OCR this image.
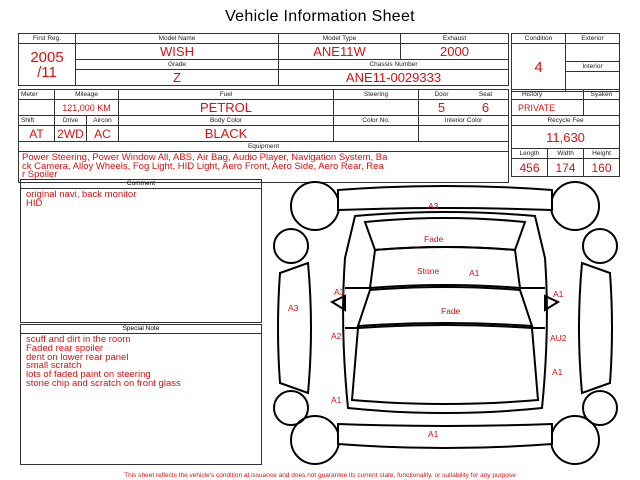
Vehicle Information Sheet
First Reg.	Model Name	Model Type	Exhaust

2005
/11	WISH	ANE11W	2000
	Grade	Chassis Number	
	Z	ANE11-0029333	
Condition	Exterior
4	
	Interior

Meter	Mileage		Fuel	Steering	Door Seat
	121,000 KM		PETROL		5 6
Shift	Drive	Aircon	Body Color	Color No.	Interior Color
AT	2WD	AC	BLACK		
Equipment					

Power Steering, Power Window All, ABS, Air Bag, Audio Player, Navigation System, Ba
ck Camera, Alloy Wheels, Fog Light, HID Light, Aero Front, Aero Side, Aero Rear, Rea
r Spoiler					
History		Syaken
PRIVATE		
Recycle Fee		
11,630		
Length	Width	Height
456	174	160
Comment
original navi, back monitor
HID
Special Note
scuff and dirt in the room
Faded rear spoiler
dent on lower rear panel
small scratch
lots of faded paint on steering
stone chip and scratch on front glass
A3
Fade
Stone	A1
A3
A3	Fade
A1
A1
A2	AU2
A1
A1
This sheet reflects the vehicle's condition at issuance and does not guarantee its current state, functionality, or suitability for any purpose
